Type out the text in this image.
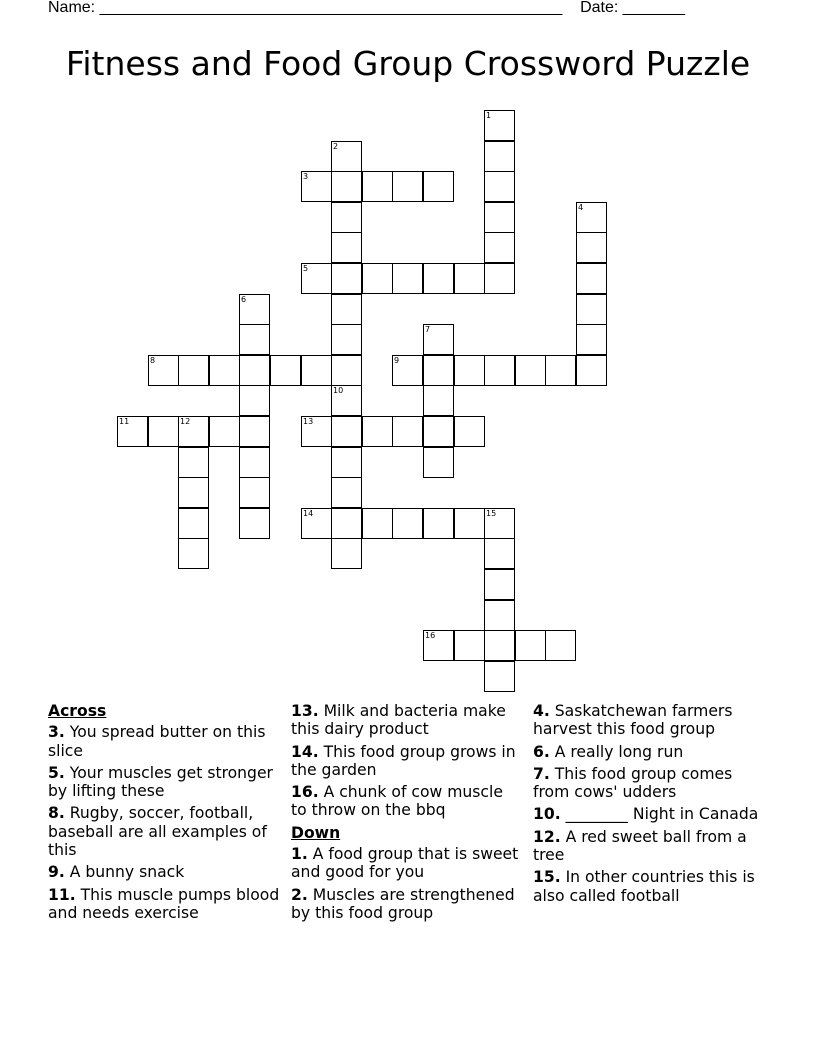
Name: ____________________________________________________    Date: _______
Fitness and Food Group Crossword Puzzle
1
2
3
4
5
6
7
8	9
10
11	12	13
14	15
16
Across
3. You spread butter on this slice
5. Your muscles get stronger by lifting these
8. Rugby, soccer, football, baseball are all examples of this
9. A bunny snack
11. This muscle pumps blood and needs exercise
13. Milk and bacteria make this dairy product
14. This food group grows in the garden
16. A chunk of cow muscle to throw on the bbq
Down
1. A food group that is sweet and good for you
2. Muscles are strengthened by this food group
4. Saskatchewan farmers harvest this food group
6. A really long run
7. This food group comes from cows' udders
10. ________ Night in Canada
12. A red sweet ball from a tree
15. In other countries this is also called football
